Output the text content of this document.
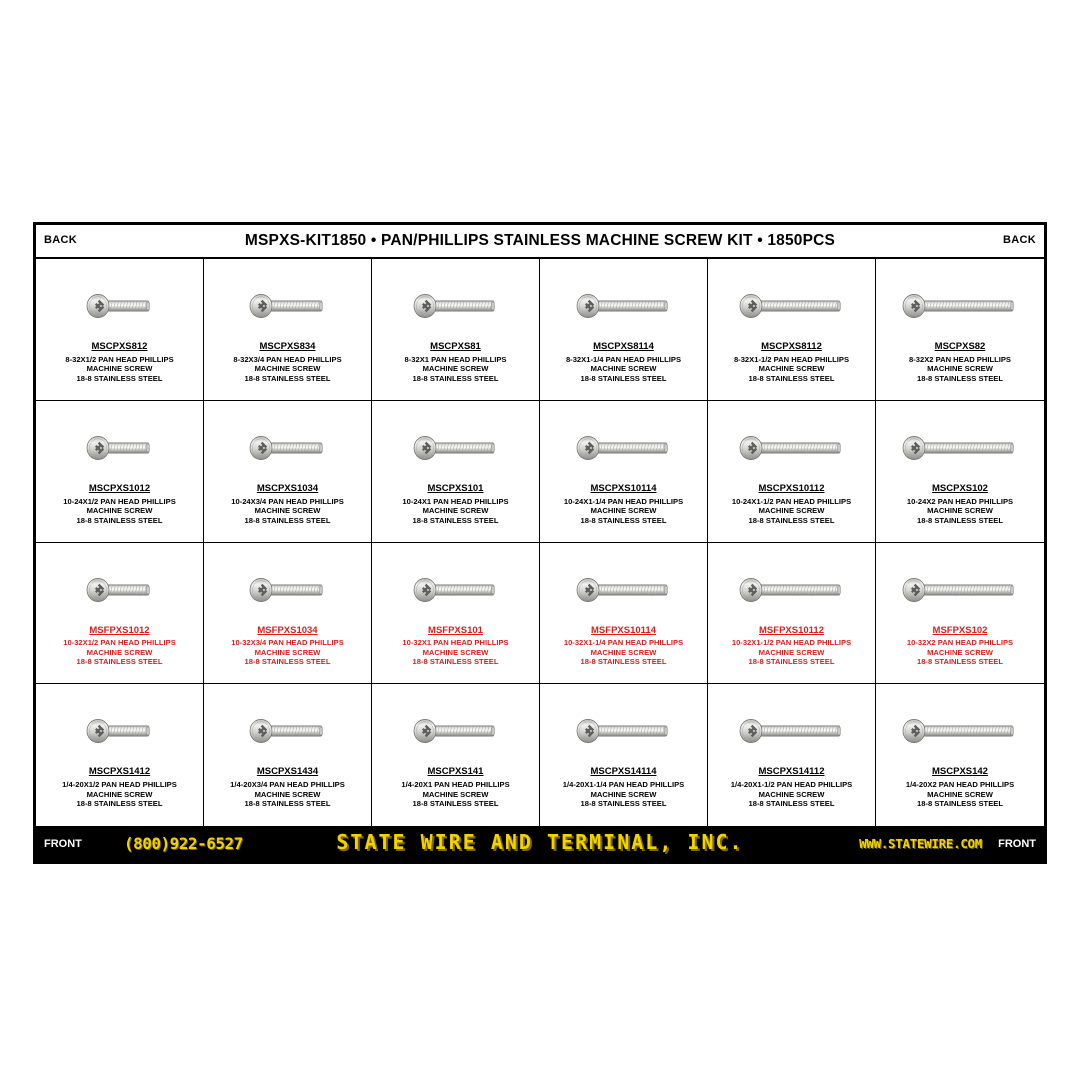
BACK	MSPXS-KIT1850 • PAN/PHILLIPS STAINLESS MACHINE SCREW KIT • 1850PCS	BACK
MSCPXS812
8-32X1/2 PAN HEAD PHILLIPS
MACHINE SCREW
18-8 STAINLESS STEEL
MSCPXS834
8-32X3/4 PAN HEAD PHILLIPS
MACHINE SCREW
18-8 STAINLESS STEEL
MSCPXS81
8-32X1 PAN HEAD PHILLIPS
MACHINE SCREW
18-8 STAINLESS STEEL
MSCPXS8114
8-32X1-1/4 PAN HEAD PHILLIPS
MACHINE SCREW
18-8 STAINLESS STEEL
MSCPXS8112
8-32X1-1/2 PAN HEAD PHILLIPS
MACHINE SCREW
18-8 STAINLESS STEEL
MSCPXS82
8-32X2 PAN HEAD PHILLIPS
MACHINE SCREW
18-8 STAINLESS STEEL
MSCPXS1012
10-24X1/2 PAN HEAD PHILLIPS
MACHINE SCREW
18-8 STAINLESS STEEL
MSCPXS1034
10-24X3/4 PAN HEAD PHILLIPS
MACHINE SCREW
18-8 STAINLESS STEEL
MSCPXS101
10-24X1 PAN HEAD PHILLIPS
MACHINE SCREW
18-8 STAINLESS STEEL
MSCPXS10114
10-24X1-1/4 PAN HEAD PHILLIPS
MACHINE SCREW
18-8 STAINLESS STEEL
MSCPXS10112
10-24X1-1/2 PAN HEAD PHILLIPS
MACHINE SCREW
18-8 STAINLESS STEEL
MSCPXS102
10-24X2 PAN HEAD PHILLIPS
MACHINE SCREW
18-8 STAINLESS STEEL
MSFPXS1012
10-32X1/2 PAN HEAD PHILLIPS
MACHINE SCREW
18-8 STAINLESS STEEL
MSFPXS1034
10-32X3/4 PAN HEAD PHILLIPS
MACHINE SCREW
18-8 STAINLESS STEEL
MSFPXS101
10-32X1 PAN HEAD PHILLIPS
MACHINE SCREW
18-8 STAINLESS STEEL
MSFPXS10114
10-32X1-1/4 PAN HEAD PHILLIPS
MACHINE SCREW
18-8 STAINLESS STEEL
MSFPXS10112
10-32X1-1/2 PAN HEAD PHILLIPS
MACHINE SCREW
18-8 STAINLESS STEEL
MSFPXS102
10-32X2 PAN HEAD PHILLIPS
MACHINE SCREW
18-8 STAINLESS STEEL
MSCPXS1412
1/4-20X1/2 PAN HEAD PHILLIPS
MACHINE SCREW
18-8 STAINLESS STEEL
MSCPXS1434
1/4-20X3/4 PAN HEAD PHILLIPS
MACHINE SCREW
18-8 STAINLESS STEEL
MSCPXS141
1/4-20X1 PAN HEAD PHILLIPS
MACHINE SCREW
18-8 STAINLESS STEEL
MSCPXS14114
1/4-20X1-1/4 PAN HEAD PHILLIPS
MACHINE SCREW
18-8 STAINLESS STEEL
MSCPXS14112
1/4-20X1-1/2 PAN HEAD PHILLIPS
MACHINE SCREW
18-8 STAINLESS STEEL
MSCPXS142
1/4-20X2 PAN HEAD PHILLIPS
MACHINE SCREW
18-8 STAINLESS STEEL
FRONT	(800)922-6527	STATE WIRE AND TERMINAL, INC.	WWW.STATEWIRE.COM FRONT
